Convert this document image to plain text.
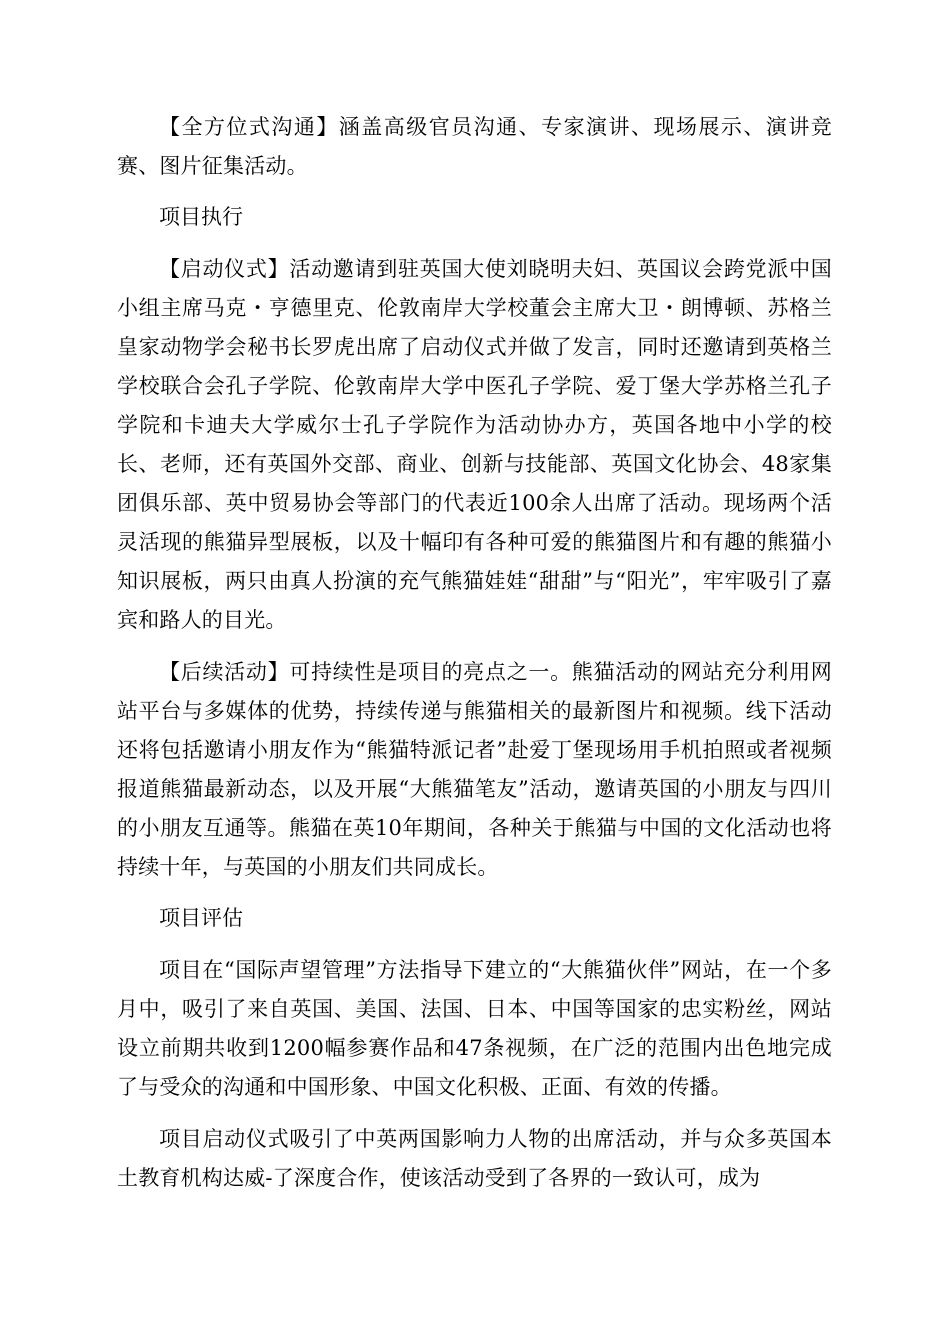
【全方位式沟通】涵盖高级官员沟通、专家演讲、现场展示、演讲竞赛、图片征集活动。

项目执行

【启动仪式】活动邀请到驻英国大使刘晓明夫妇、英国议会跨党派中国小组主席马克・亨德里克、伦敦南岸大学校董会主席大卫・朗博顿、苏格兰皇家动物学会秘书长罗虎出席了启动仪式并做了发言，同时还邀请到英格兰学校联合会孔子学院、伦敦南岸大学中医孔子学院、爱丁堡大学苏格兰孔子学院和卡迪夫大学威尔士孔子学院作为活动协办方，英国各地中小学的校长、老师，还有英国外交部、商业、创新与技能部、英国文化协会、48家集团俱乐部、英中贸易协会等部门的代表近100余人出席了活动。现场两个活灵活现的熊猫异型展板，以及十幅印有各种可爱的熊猫图片和有趣的熊猫小知识展板，两只由真人扮演的充气熊猫娃娃“甜甜”与“阳光”，牢牢吸引了嘉宾和路人的目光。

【后续活动】可持续性是项目的亮点之一。熊猫活动的网站充分利用网站平台与多媒体的优势，持续传递与熊猫相关的最新图片和视频。线下活动还将包括邀请小朋友作为“熊猫特派记者”赴爱丁堡现场用手机拍照或者视频报道熊猫最新动态，以及开展“大熊猫笔友”活动，邀请英国的小朋友与四川的小朋友互通等。熊猫在英10年期间，各种关于熊猫与中国的文化活动也将持续十年，与英国的小朋友们共同成长。

项目评估

项目在“国际声望管理”方法指导下建立的“大熊猫伙伴”网站，在一个多月中，吸引了来自英国、美国、法国、日本、中国等国家的忠实粉丝，网站设立前期共收到1200幅参赛作品和47条视频，在广泛的范围内出色地完成了与受众的沟通和中国形象、中国文化积极、正面、有效的传播。

项目启动仪式吸引了中英两国影响力人物的出席活动，并与众多英国本土教育机构达威-了深度合作，使该活动受到了各界的一致认可，成为
